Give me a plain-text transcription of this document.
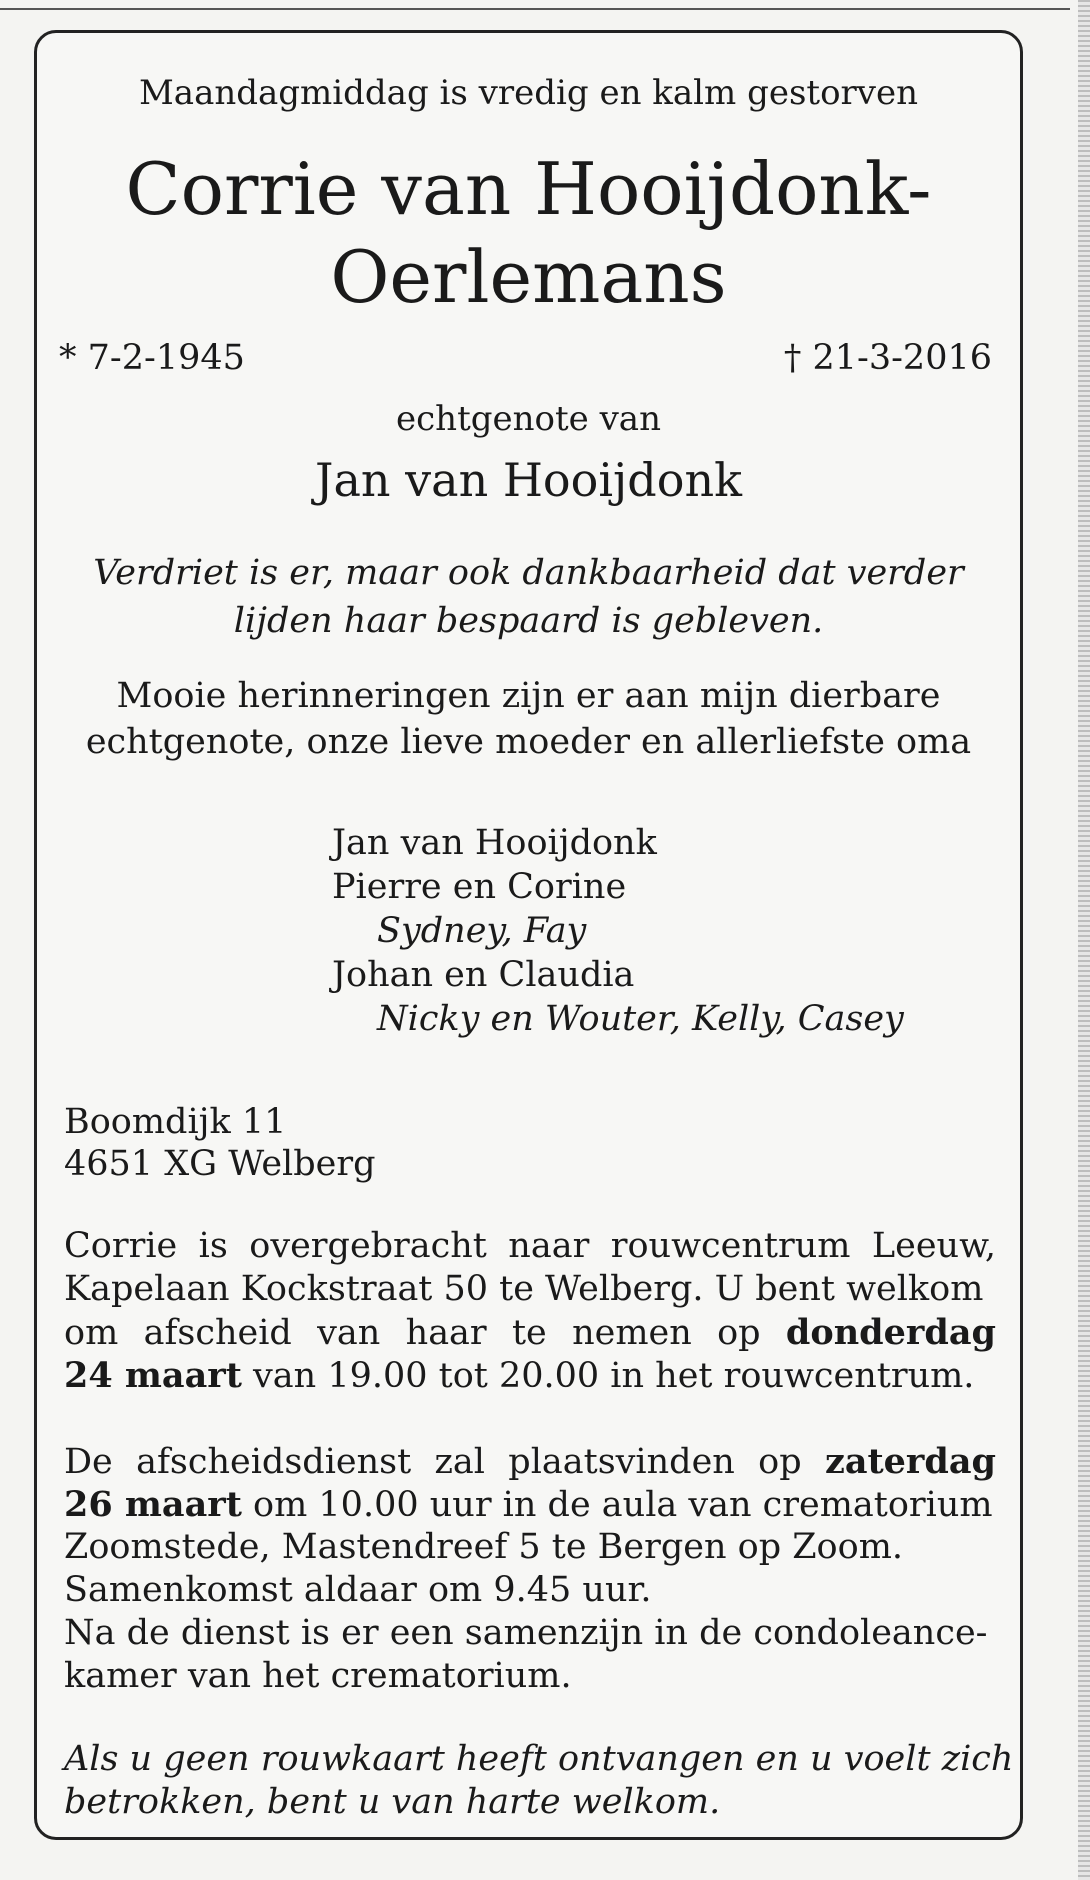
Maandagmiddag is vredig en kalm gestorven

Corrie van Hooijdonk-

Oerlemans

* 7-2-1945	† 21-3-2016

echtgenote van

Jan van Hooijdonk

Verdriet is er, maar ook dankbaarheid dat verder

lijden haar bespaard is gebleven.

Mooie herinneringen zijn er aan mijn dierbare

echtgenote, onze lieve moeder en allerliefste oma

Jan van Hooijdonk

Pierre en Corine

Sydney, Fay

Johan en Claudia

Nicky en Wouter, Kelly, Casey

Boomdijk 11

4651 XG Welberg

Corrie is overgebracht naar rouwcentrum Leeuw,

Kapelaan Kockstraat 50 te Welberg. U bent welkom

om afscheid van haar te nemen op donderdag

24 maart van 19.00 tot 20.00 in het rouwcentrum.

De afscheidsdienst zal plaatsvinden op zaterdag

26 maart om 10.00 uur in de aula van crematorium

Zoomstede, Mastendreef 5 te Bergen op Zoom.

Samenkomst aldaar om 9.45 uur.

Na de dienst is er een samenzijn in de condoleance-

kamer van het crematorium.

Als u geen rouwkaart heeft ontvangen en u voelt zich

betrokken, bent u van harte welkom.
